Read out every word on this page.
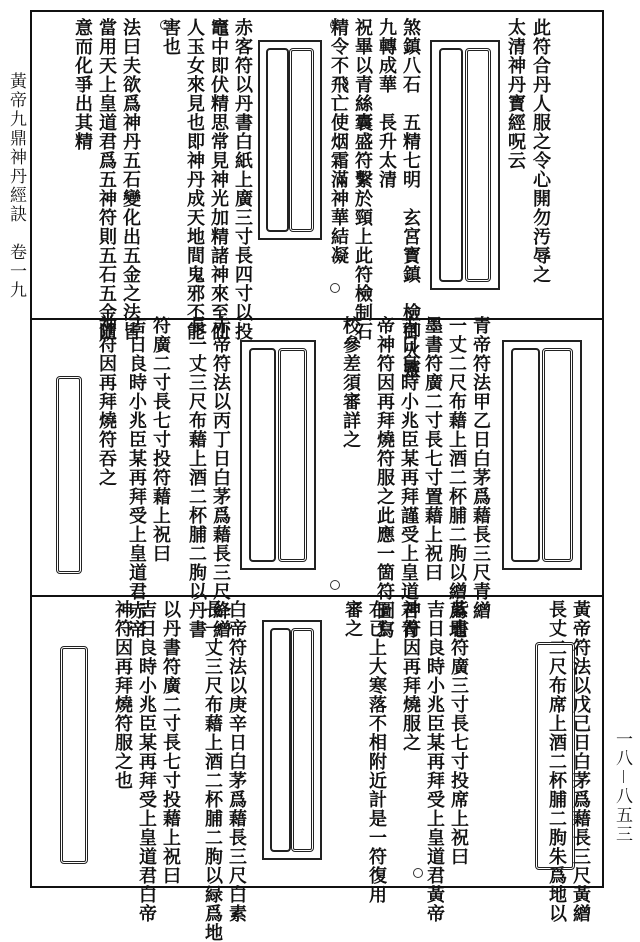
黃帝九鼎神丹經訣　卷一九
一八－八五三
此符合丹人服之令心開勿汚辱之
太清神丹寳經呪云
煞鎮八石　五精七明　玄宮寳鎮　檢御火靈
九轉成華　長升太清
祝畢以青絲囊盛符繫於頸上此符檢制石
精令不飛亡使烟霜滿神華結凝
赤客符以丹書白紙上廣三寸長四寸以投
竈中即伏精思常見神光加精諸神來至仙
人玉女來見也即神丹成天地間鬼邪不能
害也
法曰夫欲爲神丹五石變化出五金之法皆
當用天上皇道君爲五神符則五石五金隨
意而化爭出其精
青帝符法甲乙日白茅爲藉長三尺青繒
一丈二尺布藉上酒二杯脯二朐以繒爲地
墨書符廣二寸長七寸置藉上祝曰
吉日良時小兆臣某再拜謹受上皇道君青
帝神符因再拜燒符服之此應一箇符圖寫
校參差須審詳之
赤帝符法以丙丁日白茅爲藉長三尺絳繒
長一丈三尺布藉上酒二杯脯二朐以丹書
符廣二寸長七寸投符藉上祝曰
吉日良時小兆臣某再拜受上皇道君赤帝
神符因再拜燒符吞之
黃帝符法以戊己日白茅爲藉長三尺黃繒
長丈二尺布席上酒二杯脯二朐朱爲地以
紫書符廣三寸長七寸投席上祝曰
吉日良時小兆臣某再拜受上皇道君黃帝
神符因再拜燒服之
右已上大寒落不相附近計是一符復用
審之
白帝符法以庚辛日白茅爲藉長三尺白素
長一丈三尺布藉上酒二杯脯二朐以緑爲地
以丹書符廣二寸長七寸投藉上祝曰
吉日良時小兆臣某再拜受上皇道君白帝
神符因再拜燒符服之也
